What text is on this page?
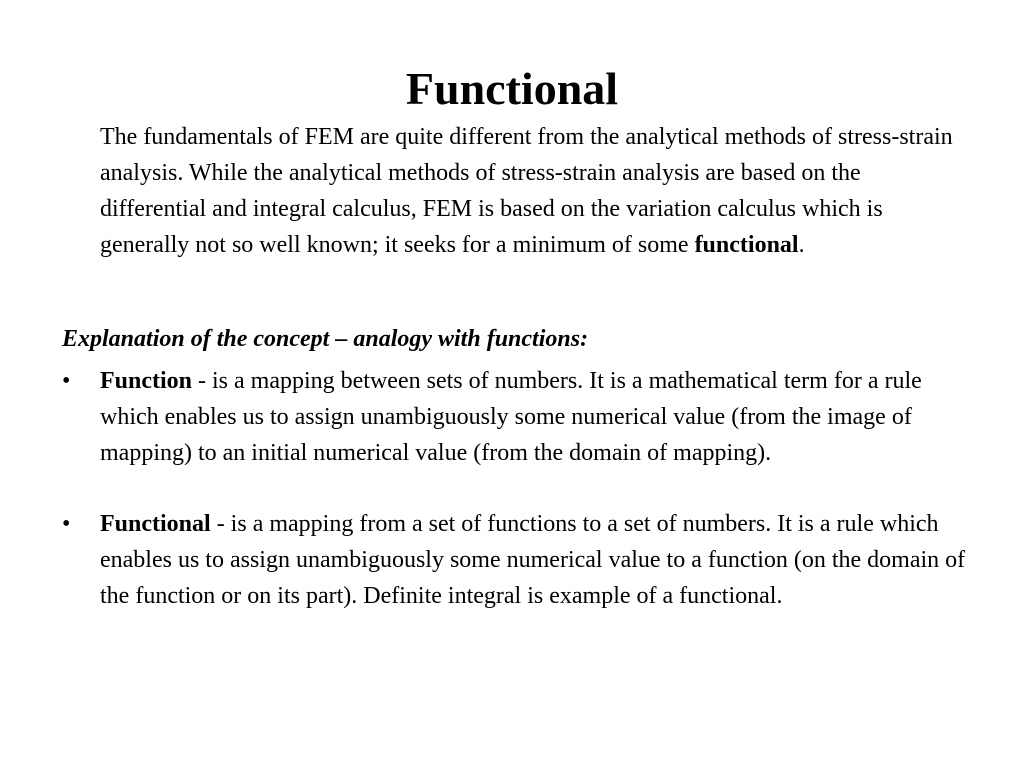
Functional
The fundamentals of FEM are quite different from the analytical methods of stress-strain analysis. While the analytical methods of stress-strain analysis are based on the differential and integral calculus, FEM is based on the variation calculus which is generally not so well known; it seeks for a minimum of some functional.
Explanation of the concept – analogy with functions:
•	Function - is a mapping between sets of numbers. It is a mathematical term for a rule which enables us to assign unambiguously some numerical value (from the image of mapping) to an initial numerical value (from the domain of mapping).
•	Functional - is a mapping from a set of functions to a set of numbers. It is a rule which enables us to assign unambiguously some numerical value to a function (on the domain of the function or on its part). Definite integral is example of a functional.
